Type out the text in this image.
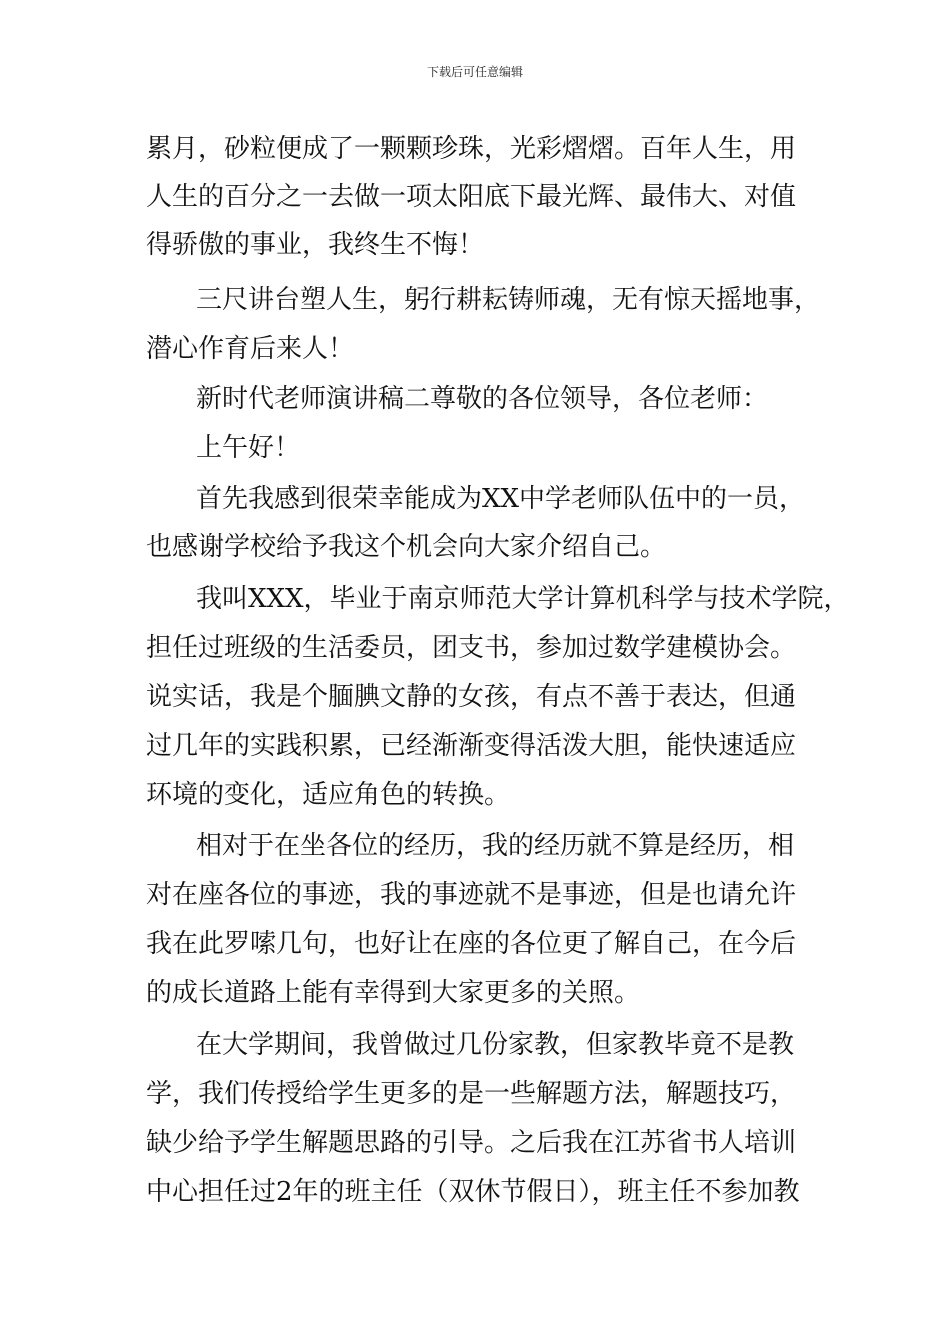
下载后可任意编辑
累月，砂粒便成了一颗颗珍珠，光彩熠熠。百年人生，用
人生的百分之一去做一项太阳底下最光辉、最伟大、对值
得骄傲的事业，我终生不悔！
三尺讲台塑人生，躬行耕耘铸师魂，无有惊天摇地事，
潜心作育后来人！
新时代老师演讲稿二尊敬的各位领导，各位老师：
上午好！
首先我感到很荣幸能成为XX中学老师队伍中的一员，
也感谢学校给予我这个机会向大家介绍自己。
我叫XXX，毕业于南京师范大学计算机科学与技术学院，
担任过班级的生活委员，团支书，参加过数学建模协会。
说实话，我是个腼腆文静的女孩，有点不善于表达，但通
过几年的实践积累，已经渐渐变得活泼大胆，能快速适应
环境的变化，适应角色的转换。
相对于在坐各位的经历，我的经历就不算是经历，相
对在座各位的事迹，我的事迹就不是事迹，但是也请允许
我在此罗嗦几句，也好让在座的各位更了解自己，在今后
的成长道路上能有幸得到大家更多的关照。
在大学期间，我曾做过几份家教，但家教毕竟不是教
学，我们传授给学生更多的是一些解题方法，解题技巧，
缺少给予学生解题思路的引导。之后我在江苏省书人培训
中心担任过2年的班主任（双休节假日），班主任不参加教
